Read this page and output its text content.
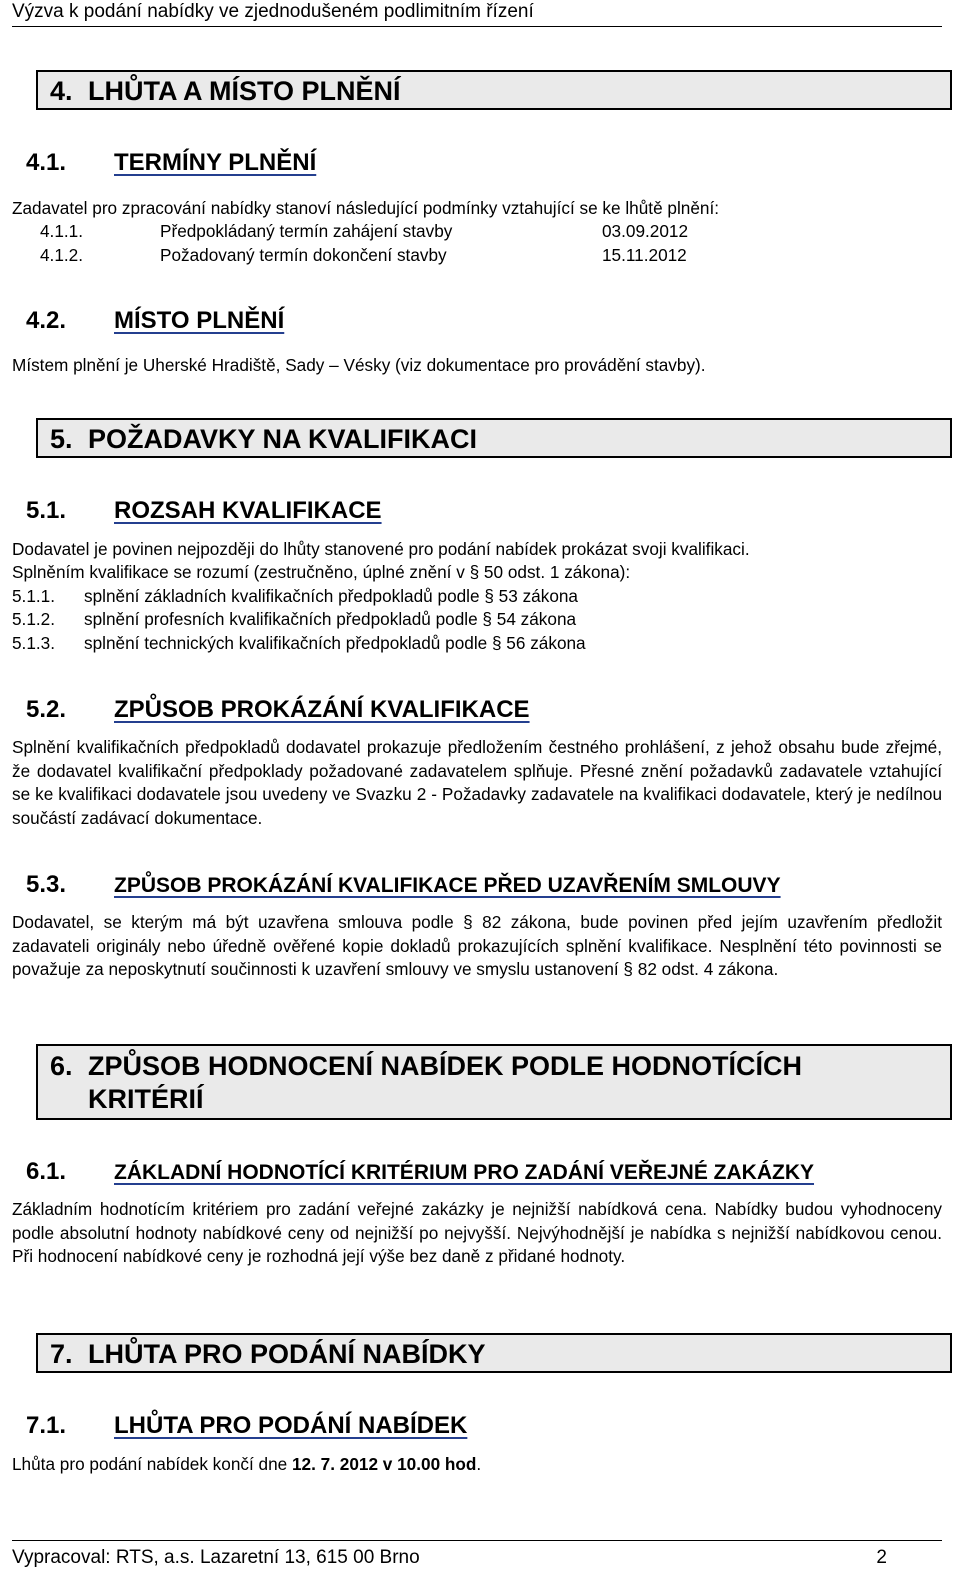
Výzva k podání nabídky ve zjednodušeném podlimitním řízení
4. LHŮTA A MÍSTO PLNĚNÍ
4.1. TERMÍNY PLNĚNÍ
Zadavatel pro zpracování nabídky stanoví následující podmínky vztahující se ke lhůtě plnění:
4.1.1.	Předpokládaný termín zahájení stavby	03.09.2012
4.1.2.	Požadovaný termín dokončení stavby	15.11.2012
4.2. MÍSTO PLNĚNÍ
Místem plnění je Uherské Hradiště, Sady – Vésky (viz dokumentace pro provádění stavby).
5. POŽADAVKY NA KVALIFIKACI
5.1. ROZSAH KVALIFIKACE
Dodavatel je povinen nejpozději do lhůty stanovené pro podání nabídek prokázat svoji kvalifikaci.
Splněním kvalifikace se rozumí (zestručněno, úplné znění v § 50 odst. 1 zákona):
5.1.1. splnění základních kvalifikačních předpokladů podle § 53 zákona
5.1.2. splnění profesních kvalifikačních předpokladů podle § 54 zákona
5.1.3. splnění technických kvalifikačních předpokladů podle § 56 zákona
5.2. ZPŮSOB PROKÁZÁNÍ KVALIFIKACE
Splnění kvalifikačních předpokladů dodavatel prokazuje předložením čestného prohlášení, z jehož obsahu bude zřejmé, že dodavatel kvalifikační předpoklady požadované zadavatelem splňuje. Přesné znění požadavků zadavatele vztahující se ke kvalifikaci dodavatele jsou uvedeny ve Svazku 2 - Požadavky zadavatele na kvalifikaci dodavatele, který je nedílnou součástí zadávací dokumentace.
5.3. ZPŮSOB PROKÁZÁNÍ KVALIFIKACE PŘED UZAVŘENÍM SMLOUVY
Dodavatel, se kterým má být uzavřena smlouva podle § 82 zákona, bude povinen před jejím uzavřením předložit zadavateli originály nebo úředně ověřené kopie dokladů prokazujících splnění kvalifikace. Nesplnění této povinnosti se považuje za neposkytnutí součinnosti k uzavření smlouvy ve smyslu ustanovení § 82 odst. 4 zákona.
6. ZPŮSOB HODNOCENÍ NABÍDEK PODLE HODNOTÍCÍCH
KRITÉRIÍ
6.1. ZÁKLADNÍ HODNOTÍCÍ KRITÉRIUM PRO ZADÁNÍ VEŘEJNÉ ZAKÁZKY
Základním hodnotícím kritériem pro zadání veřejné zakázky je nejnižší nabídková cena. Nabídky budou vyhodnoceny podle absolutní hodnoty nabídkové ceny od nejnižší po nejvyšší. Nejvýhodnější je nabídka s nejnižší nabídkovou cenou. Při hodnocení nabídkové ceny je rozhodná její výše bez daně z přidané hodnoty.
7. LHŮTA PRO PODÁNÍ NABÍDKY
7.1. LHŮTA PRO PODÁNÍ NABÍDEK
Lhůta pro podání nabídek končí dne 12. 7. 2012 v 10.00 hod.
Vypracoval: RTS, a.s. Lazaretní 13, 615 00 Brno	2
